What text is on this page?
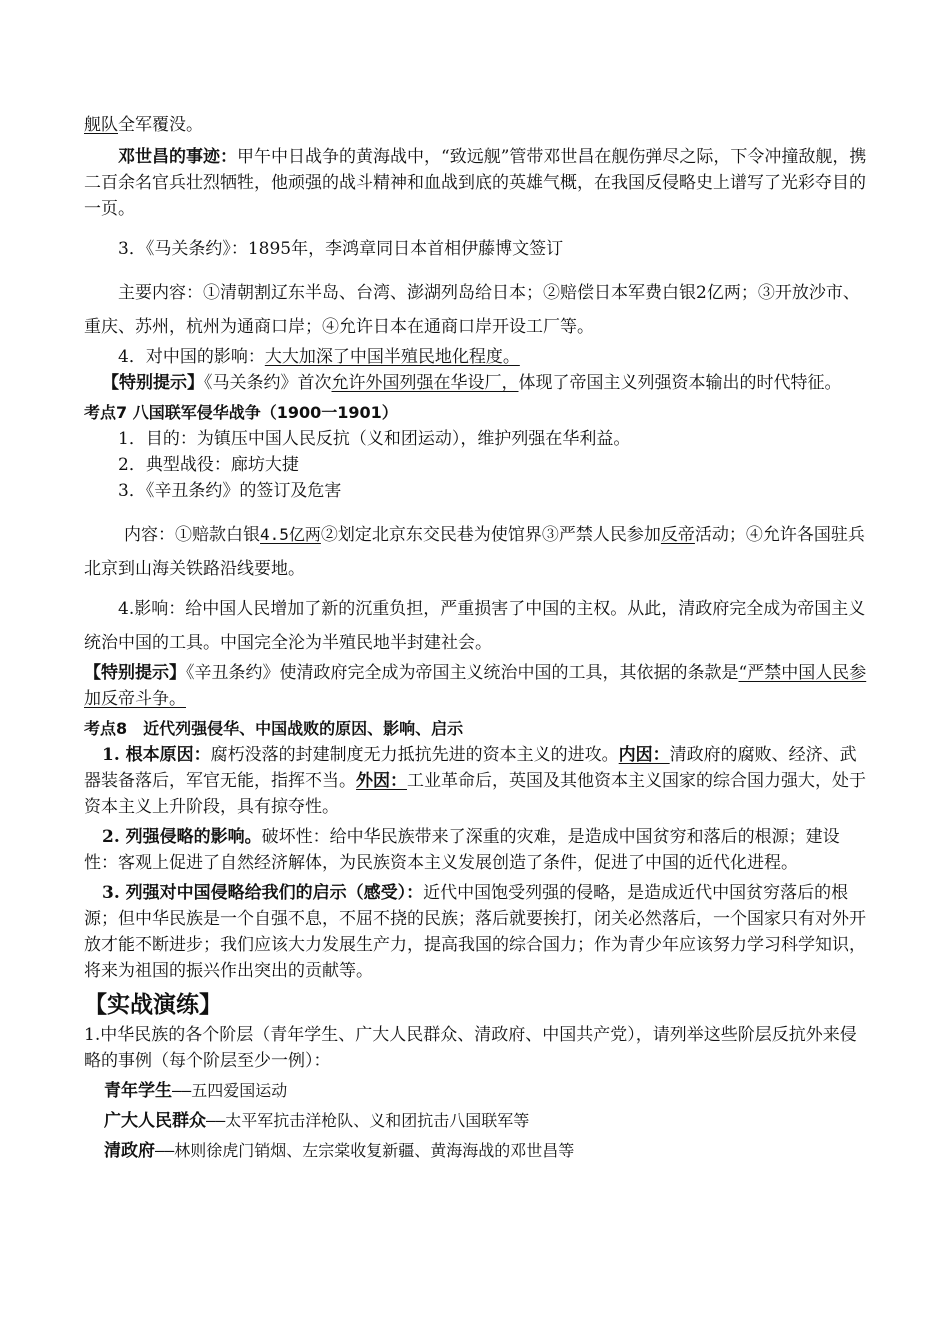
舰队全军覆没。

邓世昌的事迹：甲午中日战争的黄海战中，“致远舰”管带邓世昌在舰伤弹尽之际，下令冲撞敌舰，携二百余名官兵壮烈牺牲，他顽强的战斗精神和血战到底的英雄气概，在我国反侵略史上谱写了光彩夺目的一页。

3．《马关条约》：1895年，李鸿章同日本首相伊藤博文签订

主要内容：①清朝割辽东半岛、台湾、澎湖列岛给日本；②赔偿日本军费白银2亿两；③开放沙市、重庆、苏州，杭州为通商口岸；④允许日本在通商口岸开设工厂等。

4．对中国的影响：大大加深了中国半殖民地化程度。

【特别提示】《马关条约》首次允许外国列强在华设厂，体现了帝国主义列强资本输出的时代特征。

考点7 八国联军侵华战争（1900一1901）

1．目的：为镇压中国人民反抗（义和团运动），维护列强在华利益。

2．典型战役：廊坊大捷

3．《辛丑条约》的签订及危害

内容：①赔款白银4.5亿两②划定北京东交民巷为使馆界③严禁人民参加反帝活动；④允许各国驻兵北京到山海关铁路沿线要地。

4.影响：给中国人民增加了新的沉重负担，严重损害了中国的主权。从此，清政府完全成为帝国主义统治中国的工具。中国完全沦为半殖民地半封建社会。

【特别提示】《辛丑条约》使清政府完全成为帝国主义统治中国的工具，其依据的条款是“严禁中国人民参加反帝斗争。

考点8　近代列强侵华、中国战败的原因、影响、启示

1. 根本原因：腐朽没落的封建制度无力抵抗先进的资本主义的进攻。内因：清政府的腐败、经济、武器装备落后，军官无能，指挥不当。外因：工业革命后，英国及其他资本主义国家的综合国力强大，处于资本主义上升阶段，具有掠夺性。

2. 列强侵略的影响。破坏性：给中华民族带来了深重的灾难，是造成中国贫穷和落后的根源；建设性：客观上促进了自然经济解体，为民族资本主义发展创造了条件，促进了中国的近代化进程。

3. 列强对中国侵略给我们的启示（感受）：近代中国饱受列强的侵略，是造成近代中国贫穷落后的根源；但中华民族是一个自强不息，不屈不挠的民族；落后就要挨打，闭关必然落后，一个国家只有对外开放才能不断进步；我们应该大力发展生产力，提高我国的综合国力；作为青少年应该努力学习科学知识，将来为祖国的振兴作出突出的贡献等。

【实战演练】

1.中华民族的各个阶层（青年学生、广大人民群众、清政府、中国共产党），请列举这些阶层反抗外来侵略的事例（每个阶层至少一例）：

青年学生——五四爱国运动

广大人民群众——太平军抗击洋枪队、义和团抗击八国联军等

清政府——林则徐虎门销烟、左宗棠收复新疆、黄海海战的邓世昌等
